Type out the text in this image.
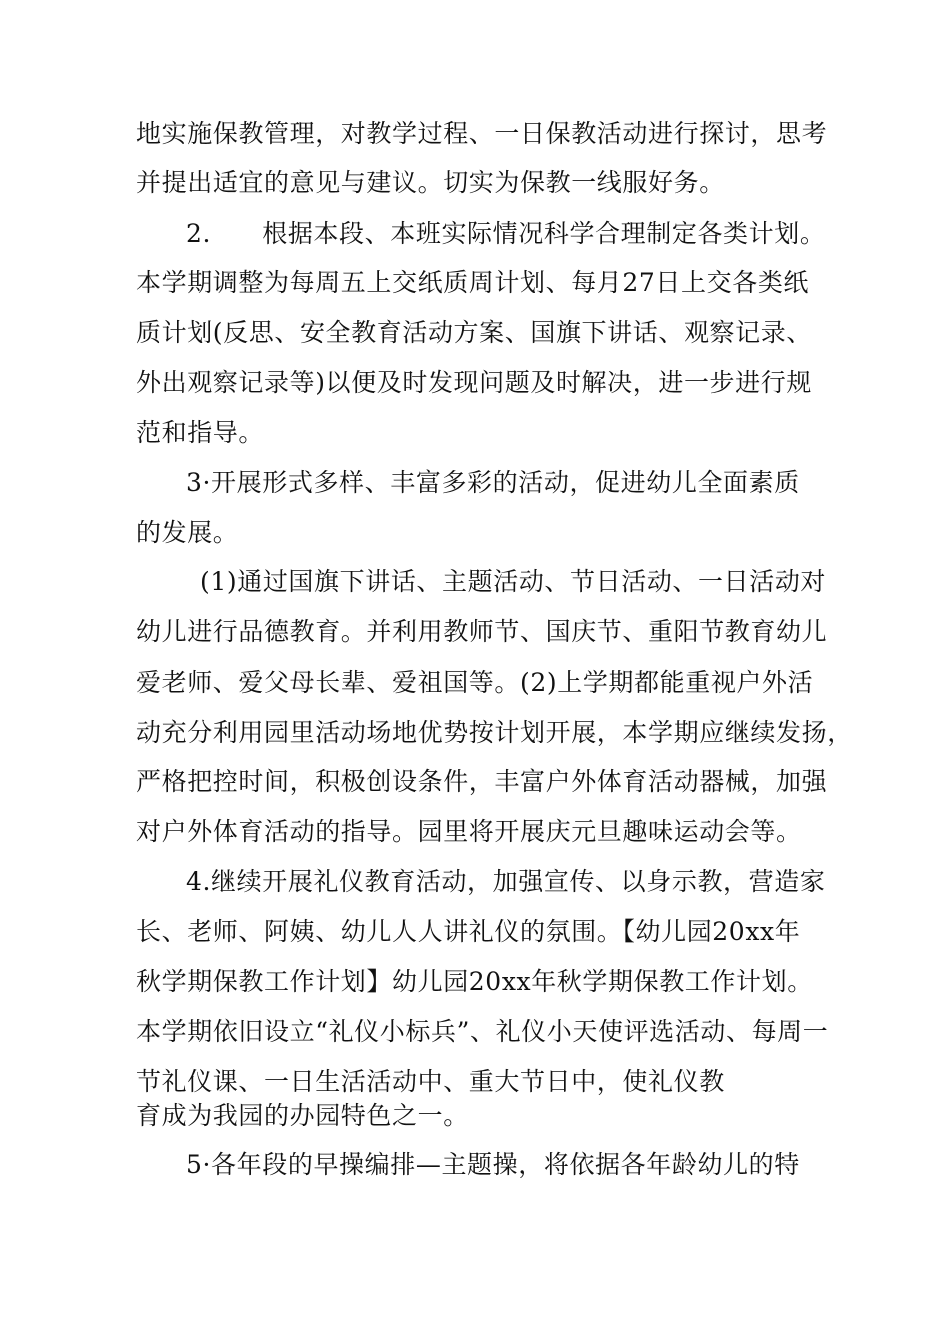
地实施保教管理，对教学过程、一日保教活动进行探讨，思考
并提出适宜的意见与建议。切实为保教一线服好务。
2.　　根据本段、本班实际情况科学合理制定各类计划。
本学期调整为每周五上交纸质周计划、每月27日上交各类纸
质计划(反思、安全教育活动方案、国旗下讲话、观察记录、
外出观察记录等)以便及时发现问题及时解决，进一步进行规
范和指导。
3·开展形式多样、丰富多彩的活动，促进幼儿全面素质
的发展。
(1)通过国旗下讲话、主题活动、节日活动、一日活动对
幼儿进行品德教育。并利用教师节、国庆节、重阳节教育幼儿
爱老师、爱父母长辈、爱祖国等。(2)上学期都能重视户外活
动充分利用园里活动场地优势按计划开展，本学期应继续发扬，
严格把控时间，积极创设条件，丰富户外体育活动器械，加强
对户外体育活动的指导。园里将开展庆元旦趣味运动会等。
4.继续开展礼仪教育活动，加强宣传、以身示教，营造家
长、老师、阿姨、幼儿人人讲礼仪的氛围。【幼儿园20xx年
秋学期保教工作计划】幼儿园20xx年秋学期保教工作计划。
本学期依旧设立“礼仪小标兵”、礼仪小天使评选活动、每周一
节礼仪课、一日生活活动中、重大节日中，使礼仪教
育成为我园的办园特色之一。
5·各年段的早操编排—主题操，将依据各年龄幼儿的特
